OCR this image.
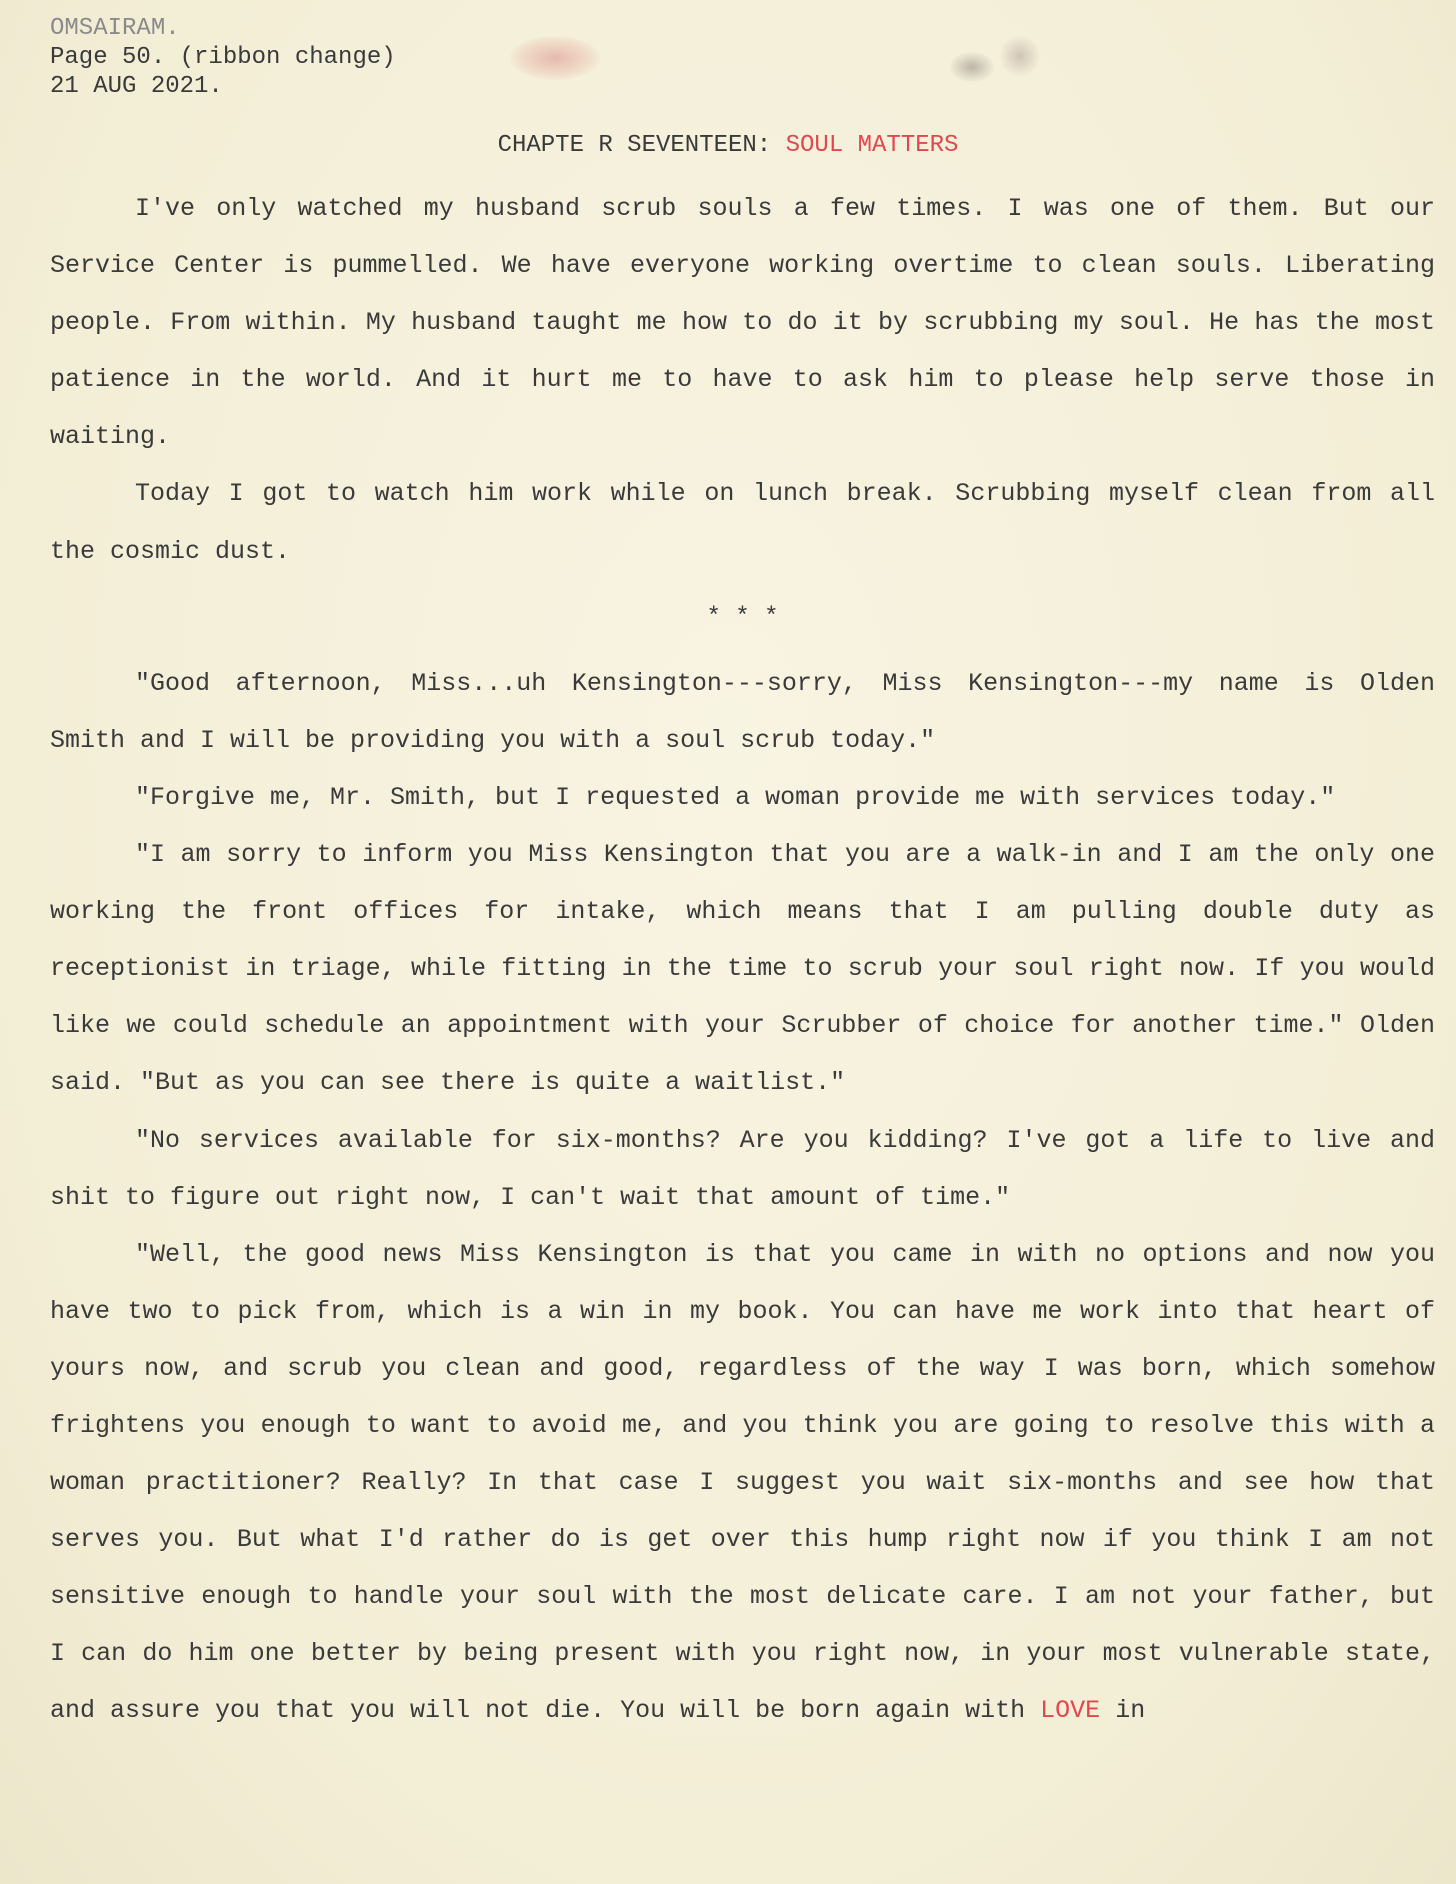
OMSAIRAM.
Page 50. (ribbon change)
21 AUG 2021.
CHAPTE R SEVENTEEN: SOUL MATTERS

I've only watched my husband scrub souls a few times. I was one of them. But our Service Center is pummelled. We have everyone working overtime to clean souls. Liberating people. From within. My husband taught me how to do it by scrubbing my soul. He has the most patience in the world. And it hurt me to have to ask him to please help serve those in waiting.

Today I got to watch him work while on lunch break. Scrubbing myself clean from all the cosmic dust.

* * *

"Good afternoon, Miss...uh Kensington---sorry, Miss Kensington---my name is Olden Smith and I will be providing you with a soul scrub today."

"Forgive me, Mr. Smith, but I requested a woman provide me with services today."

"I am sorry to inform you Miss Kensington that you are a walk-in and I am the only one working the front offices for intake, which means that I am pulling double duty as receptionist in triage, while fitting in the time to scrub your soul right now. If you would like we could schedule an appointment with your Scrubber of choice for another time." Olden said. "But as you can see there is quite a waitlist."

"No services available for six-months? Are you kidding? I've got a life to live and shit to figure out right now, I can't wait that amount of time."

"Well, the good news Miss Kensington is that you came in with no options and now you have two to pick from, which is a win in my book. You can have me work into that heart of yours now, and scrub you clean and good, regardless of the way I was born, which somehow frightens you enough to want to avoid me, and you think you are going to resolve this with a woman practitioner? Really? In that case I suggest you wait six-months and see how that serves you. But what I'd rather do is get over this hump right now if you think I am not sensitive enough to handle your soul with the most delicate care. I am not your father, but I can do him one better by being present with you right now, in your most vulnerable state, and assure you that you will not die. You will be born again with LOVE in
